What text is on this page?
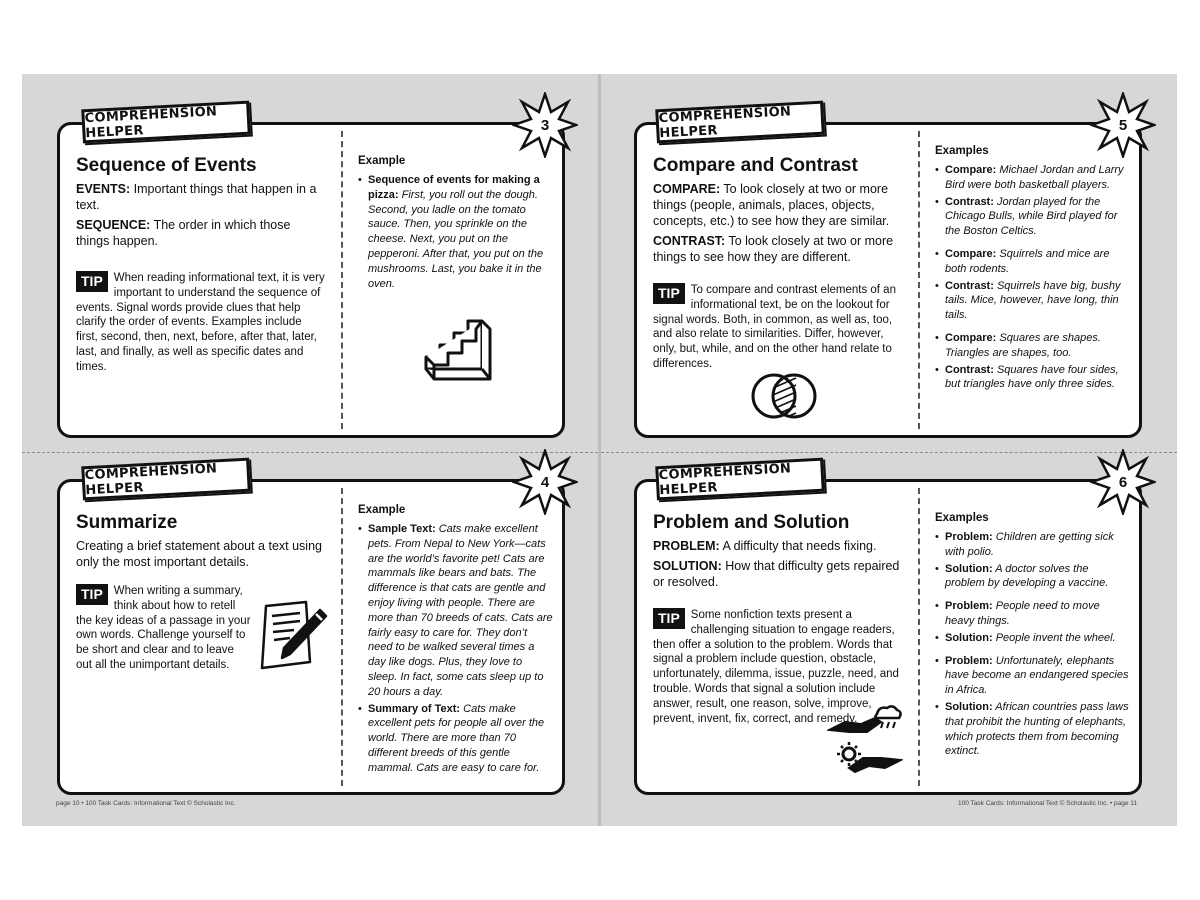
Sequence of Events
EVENTS: Important things that happen in a text.
SEQUENCE: The order in which those things happen.
TIP When reading informational text, it is very important to understand the sequence of events. Signal words provide clues that help clarify the order of events. Examples include first, second, then, next, before, after that, later, last, and finally, as well as specific dates and times.
Example
• Sequence of events for making a pizza: First, you roll out the dough. Second, you ladle on the tomato sauce. Then, you sprinkle on the cheese. Next, you put on the pepperoni. After that, you put on the mushrooms. Last, you bake it in the oven.
COMPREHENSION HELPER	3
Compare and Contrast
COMPARE: To look closely at two or more things (people, animals, places, objects, concepts, etc.) to see how they are similar.
CONTRAST: To look closely at two or more things to see how they are different.
TIP To compare and contrast elements of an informational text, be on the lookout for signal words. Both, in common, as well as, too, and also relate to similarities. Differ, however, only, but, while, and on the other hand relate to differences.
Examples
• Compare: Michael Jordan and Larry Bird were both basketball players.
• Contrast: Jordan played for the Chicago Bulls, while Bird played for the Boston Celtics.
• Compare: Squirrels and mice are both rodents.
• Contrast: Squirrels have big, bushy tails. Mice, however, have long, thin tails.
• Compare: Squares are shapes. Triangles are shapes, too.
• Contrast: Squares have four sides, but triangles have only three sides.
COMPREHENSION HELPER	5
Summarize
Creating a brief statement about a text using only the most important details.
TIP When writing a summary, think about how to retell the key ideas of a passage in your own words. Challenge yourself to be short and clear and to leave out all the unimportant details.
Example
• Sample Text: Cats make excellent pets. From Nepal to New York—cats are the world’s favorite pet! Cats are mammals like bears and bats. The difference is that cats are gentle and enjoy living with people. There are more than 70 breeds of cats. Cats are fairly easy to care for. They don’t need to be walked several times a day like dogs. Plus, they love to sleep. In fact, some cats sleep up to 20 hours a day.
• Summary of Text: Cats make excellent pets for people all over the world. There are more than 70 different breeds of this gentle mammal. Cats are easy to care for.
COMPREHENSION HELPER	4
Problem and Solution
PROBLEM: A difficulty that needs fixing.
SOLUTION: How that difficulty gets repaired or resolved.
TIP Some nonfiction texts present a challenging situation to engage readers, then offer a solution to the problem. Words that signal a problem include question, obstacle, unfortunately, dilemma, issue, puzzle, need, and trouble. Words that signal a solution include answer, result, one reason, solve, improve, prevent, invent, fix, correct, and remedy.
Examples
• Problem: Children are getting sick with polio.
• Solution: A doctor solves the problem by developing a vaccine.
• Problem: People need to move heavy things.
• Solution: People invent the wheel.
• Problem: Unfortunately, elephants have become an endangered species in Africa.
• Solution: African countries pass laws that prohibit the hunting of elephants, which protects them from becoming extinct.
COMPREHENSION HELPER	6
page 10 • 100 Task Cards: Informational Text © Scholastic Inc.	100 Task Cards: Informational Text © Scholastic Inc. • page 11
